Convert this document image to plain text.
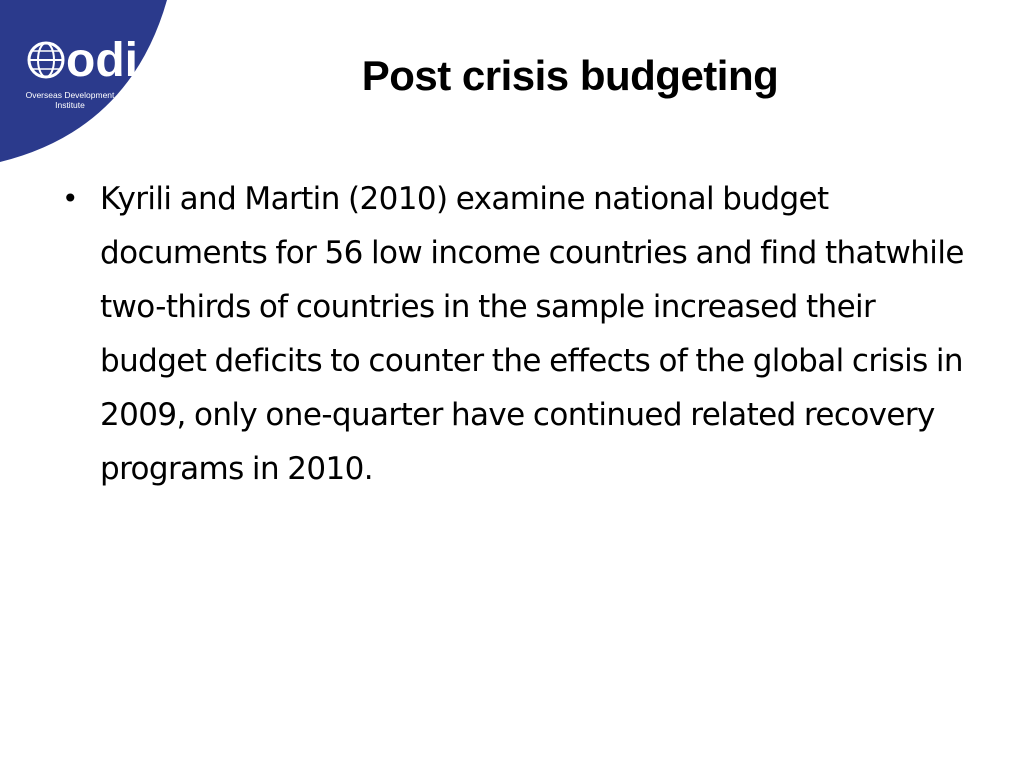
odi
Overseas Development
Institute
Post crisis budgeting
• Kyrili and Martin (2010) examine national budget documents for 56 low income countries and find thatwhile two-thirds of countries in the sample increased their budget deficits to counter the effects of the global crisis in 2009, only one-quarter have continued related recovery programs in 2010.
